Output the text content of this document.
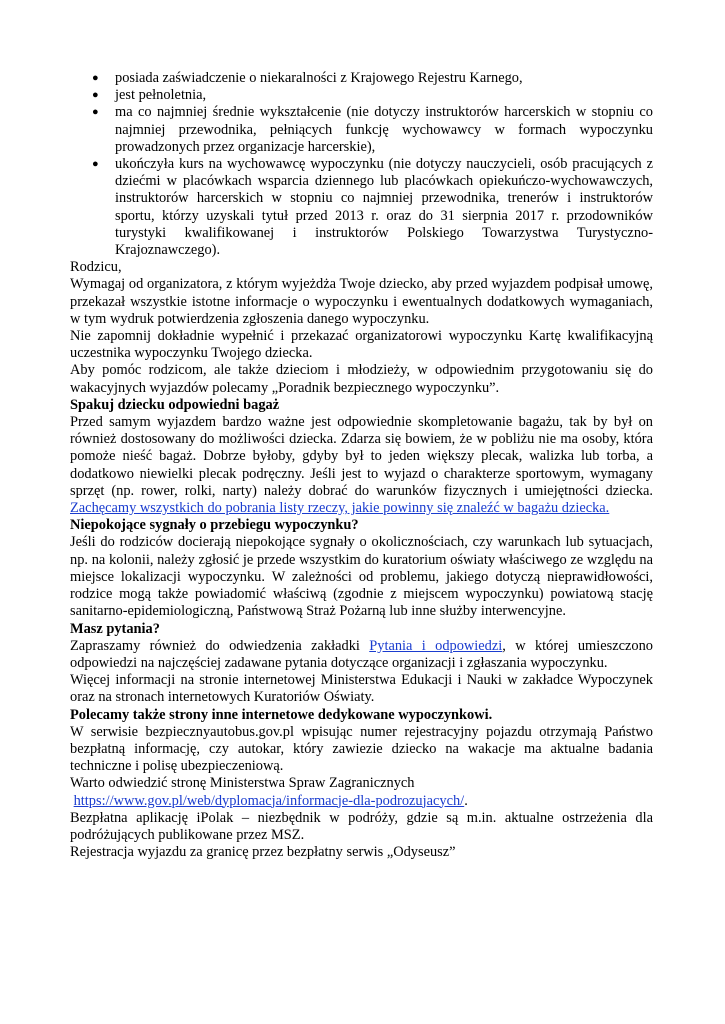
● posiada zaświadczenie o niekaralności z Krajowego Rejestru Karnego,
● jest pełnoletnia,
● ma co najmniej średnie wykształcenie (nie dotyczy instruktorów harcerskich w stopniu co najmniej przewodnika, pełniących funkcję wychowawcy w formach wypoczynku prowadzonych przez organizacje harcerskie),
● ukończyła kurs na wychowawcę wypoczynku (nie dotyczy nauczycieli, osób pracujących z dziećmi w placówkach wsparcia dziennego lub placówkach opiekuńczo-wychowawczych, instruktorów harcerskich w stopniu co najmniej przewodnika, trenerów i instruktorów sportu, którzy uzyskali tytuł przed 2013 r. oraz do 31 sierpnia 2017 r. przodowników turystyki kwalifikowanej i instruktorów Polskiego Towarzystwa Turystyczno-Krajoznawczego).

Rodzicu,

Wymagaj od organizatora, z którym wyjeżdża Twoje dziecko, aby przed wyjazdem podpisał umowę, przekazał wszystkie istotne informacje o wypoczynku i ewentualnych dodatkowych wymaganiach, w tym wydruk potwierdzenia zgłoszenia danego wypoczynku.

Nie zapomnij dokładnie wypełnić i przekazać organizatorowi wypoczynku Kartę kwalifikacyjną uczestnika wypoczynku Twojego dziecka.

Aby pomóc rodzicom, ale także dzieciom i młodzieży, w odpowiednim przygotowaniu się do wakacyjnych wyjazdów polecamy „Poradnik bezpiecznego wypoczynku”.

Spakuj dziecku odpowiedni bagaż

Przed samym wyjazdem bardzo ważne jest odpowiednie skompletowanie bagażu, tak by był on również dostosowany do możliwości dziecka. Zdarza się bowiem, że w pobliżu nie ma osoby, która pomoże nieść bagaż. Dobrze byłoby, gdyby był to jeden większy plecak, walizka lub torba, a dodatkowo niewielki plecak podręczny. Jeśli jest to wyjazd o charakterze sportowym, wymagany sprzęt (np. rower, rolki, narty) należy dobrać do warunków fizycznych i umiejętności dziecka. Zachęcamy wszystkich do pobrania listy rzeczy, jakie powinny się znaleźć w bagażu dziecka.

Niepokojące sygnały o przebiegu wypoczynku?

Jeśli do rodziców docierają niepokojące sygnały o okolicznościach, czy warunkach lub sytuacjach, np. na kolonii, należy zgłosić je przede wszystkim do kuratorium oświaty właściwego ze względu na miejsce lokalizacji wypoczynku. W zależności od problemu, jakiego dotyczą nieprawidłowości, rodzice mogą także powiadomić właściwą (zgodnie z miejscem wypoczynku) powiatową stację sanitarno-epidemiologiczną, Państwową Straż Pożarną lub inne służby interwencyjne.

Masz pytania?

Zapraszamy również do odwiedzenia zakładki Pytania i odpowiedzi, w której umieszczono odpowiedzi na najczęściej zadawane pytania dotyczące organizacji i zgłaszania wypoczynku.

Więcej informacji na stronie internetowej Ministerstwa Edukacji i Nauki w zakładce Wypoczynek oraz na stronach internetowych Kuratoriów Oświaty.

Polecamy także strony inne internetowe dedykowane wypoczynkowi.

W serwisie bezpiecznyautobus.gov.pl wpisując numer rejestracyjny pojazdu otrzymają Państwo bezpłatną informację, czy autokar, który zawiezie dziecko na wakacje ma aktualne badania techniczne i polisę ubezpieczeniową.

Warto odwiedzić stronę Ministerstwa Spraw Zagranicznych

https://www.gov.pl/web/dyplomacja/informacje-dla-podrozujacych/.

Bezpłatna aplikację iPolak – niezbędnik w podróży, gdzie są m.in. aktualne ostrzeżenia dla podróżujących publikowane przez MSZ.

Rejestracja wyjazdu za granicę przez bezpłatny serwis „Odyseusz”
